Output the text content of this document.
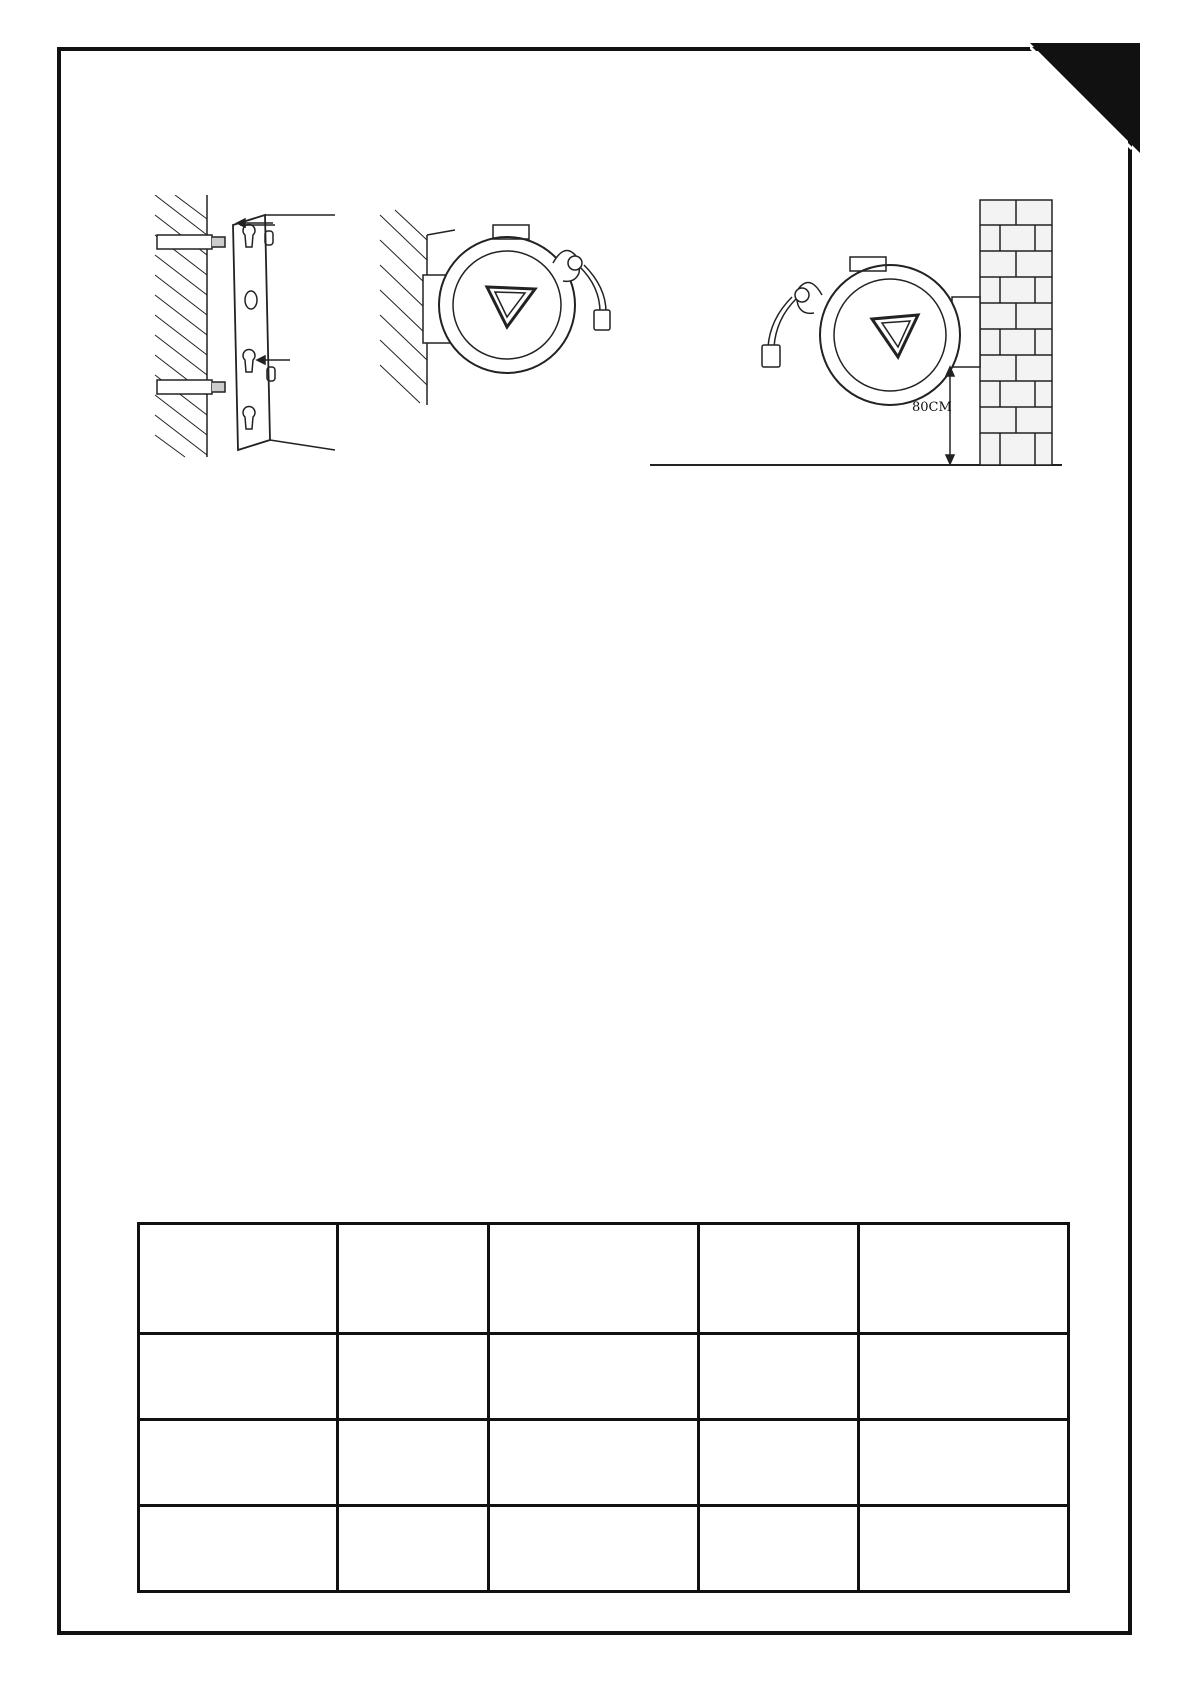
80CM
